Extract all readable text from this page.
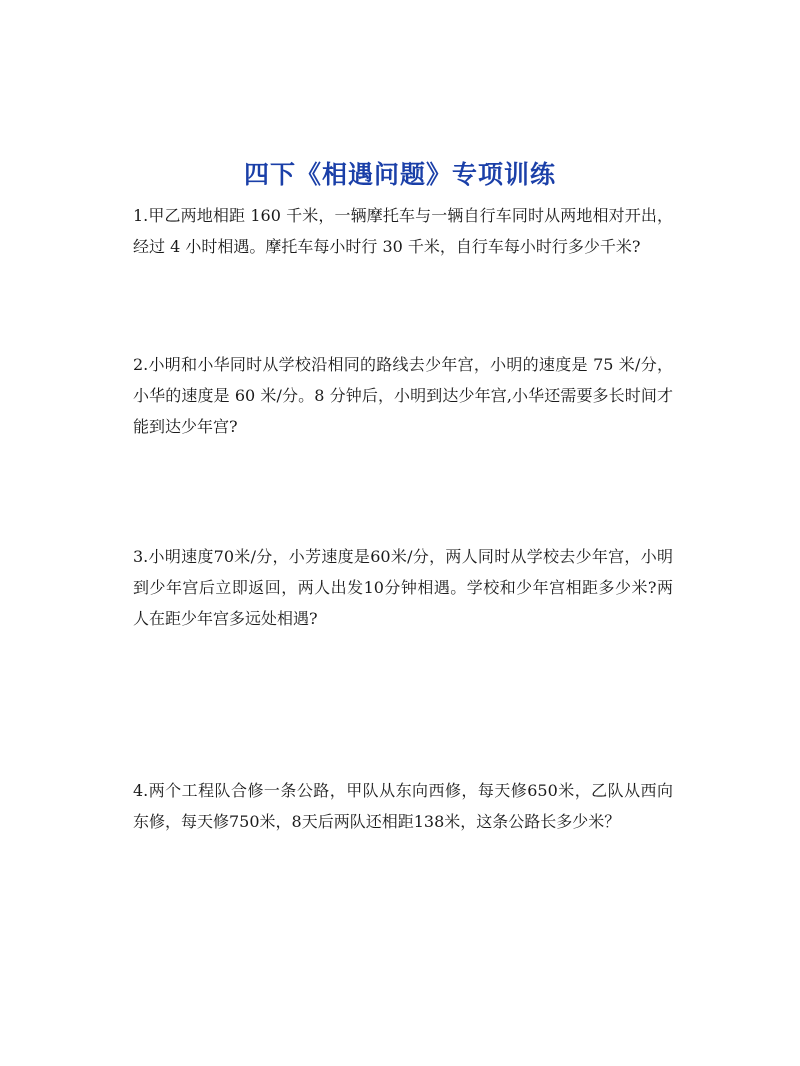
四下《相遇问题》专项训练
1.甲乙两地相距 160 千米，一辆摩托车与一辆自行车同时从两地相对开出，经过 4 小时相遇。摩托车每小时行 30 千米，自行车每小时行多少千米?
2.小明和小华同时从学校沿相同的路线去少年宫，小明的速度是 75 米/分，小华的速度是 60 米/分。8 分钟后，小明到达少年宫,小华还需要多长时间才能到达少年宫?
3.小明速度70米/分，小芳速度是60米/分，两人同时从学校去少年宫，小明到少年宫后立即返回，两人出发10分钟相遇。学校和少年宫相距多少米?两人在距少年宫多远处相遇?
4.两个工程队合修一条公路，甲队从东向西修，每天修650米，乙队从西向东修，每天修750米，8天后两队还相距138米，这条公路长多少米？
